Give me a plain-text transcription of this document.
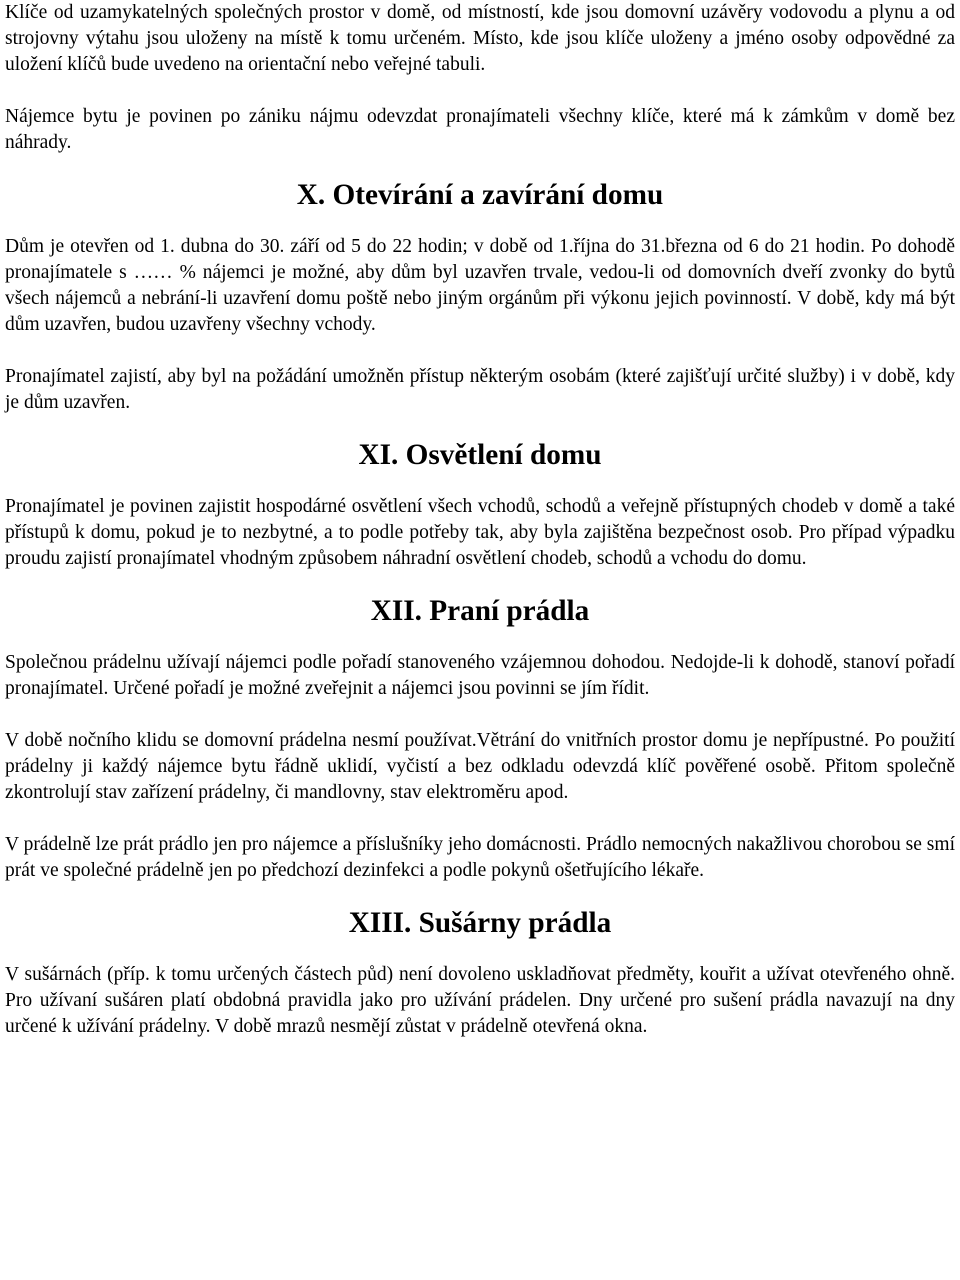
Klíče od uzamykatelných společných prostor v domě, od místností, kde jsou domovní uzávěry vodovodu a plynu a od strojovny výtahu jsou uloženy na místě k tomu určeném. Místo, kde jsou klíče uloženy a jméno osoby odpovědné za uložení klíčů bude uvedeno na orientační nebo veřejné tabuli.

Nájemce bytu je povinen po zániku nájmu odevzdat pronajímateli všechny klíče, které má k zámkům v domě bez náhrady.

X. Otevírání a zavírání domu

Dům je otevřen od 1. dubna do 30. září od 5 do 22 hodin; v době od 1.října do 31.března od 6 do 21 hodin. Po dohodě pronajímatele s …… % nájemci je možné, aby dům byl uzavřen trvale, vedou-li od domovních dveří zvonky do bytů všech nájemců a nebrání-li uzavření domu poště nebo jiným orgánům při výkonu jejich povinností. V době, kdy má být dům uzavřen, budou uzavřeny všechny vchody.

Pronajímatel zajistí, aby byl na požádání umožněn přístup některým osobám (které zajišťují určité služby) i v době, kdy je dům uzavřen.

XI. Osvětlení domu

Pronajímatel je povinen zajistit hospodárné osvětlení všech vchodů, schodů a veřejně přístupných chodeb v domě a také přístupů k domu, pokud je to nezbytné, a to podle potřeby tak, aby byla zajištěna bezpečnost osob. Pro případ výpadku proudu zajistí pronajímatel vhodným způsobem náhradní osvětlení chodeb, schodů a vchodu do domu.

XII. Praní prádla

Společnou prádelnu užívají nájemci podle pořadí stanoveného vzájemnou dohodou. Nedojde-li k dohodě, stanoví pořadí pronajímatel. Určené pořadí je možné zveřejnit a nájemci jsou povinni se jím řídit.

V době nočního klidu se domovní prádelna nesmí používat.Větrání do vnitřních prostor domu je nepřípustné. Po použití prádelny ji každý nájemce bytu řádně uklidí, vyčistí a bez odkladu odevzdá klíč pověřené osobě. Přitom společně zkontrolují stav zařízení prádelny, či mandlovny, stav elektroměru apod.

V prádelně lze prát prádlo jen pro nájemce a příslušníky jeho domácnosti. Prádlo nemocných nakažlivou chorobou se smí prát ve společné prádelně jen po předchozí dezinfekci a podle pokynů ošetřujícího lékaře.

XIII. Sušárny prádla

V sušárnách (příp. k tomu určených částech půd) není dovoleno uskladňovat předměty, kouřit a užívat otevřeného ohně. Pro užívaní sušáren platí obdobná pravidla jako pro užívání prádelen. Dny určené pro sušení prádla navazují na dny určené k užívání prádelny. V době mrazů nesmějí zůstat v prádelně otevřená okna.
